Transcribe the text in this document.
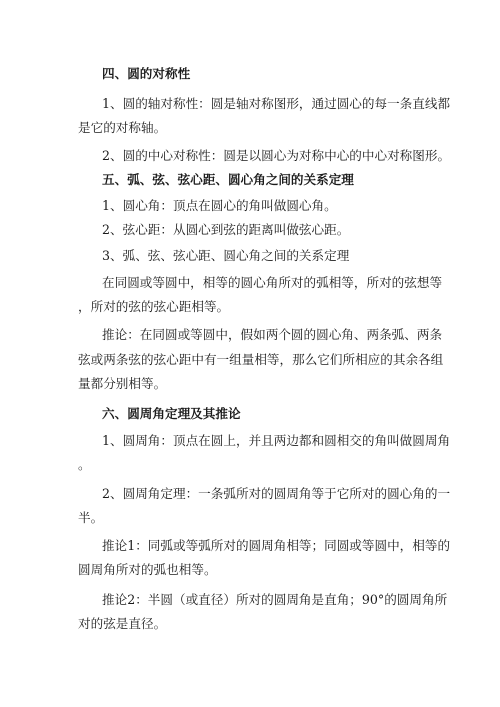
四、圆的对称性
1、圆的轴对称性：圆是轴对称图形，通过圆心的每一条直线都
是它的对称轴。
2、圆的中心对称性：圆是以圆心为对称中心的中心对称图形。
五、弧、弦、弦心距、圆心角之间的关系定理
1、圆心角：顶点在圆心的角叫做圆心角。
2、弦心距：从圆心到弦的距离叫做弦心距。
3、弧、弦、弦心距、圆心角之间的关系定理
在同圆或等圆中，相等的圆心角所对的弧相等，所对的弦想等
，所对的弦的弦心距相等。
推论：在同圆或等圆中，假如两个圆的圆心角、两条弧、两条
弦或两条弦的弦心距中有一组量相等，那么它们所相应的其余各组
量都分别相等。
六、圆周角定理及其推论
1、圆周角：顶点在圆上，并且两边都和圆相交的角叫做圆周角
。
2、圆周角定理：一条弧所对的圆周角等于它所对的圆心角的一
半。
推论1：同弧或等弧所对的圆周角相等；同圆或等圆中，相等的
圆周角所对的弧也相等。
推论2：半圆（或直径）所对的圆周角是直角；90°的圆周角所
对的弦是直径。
